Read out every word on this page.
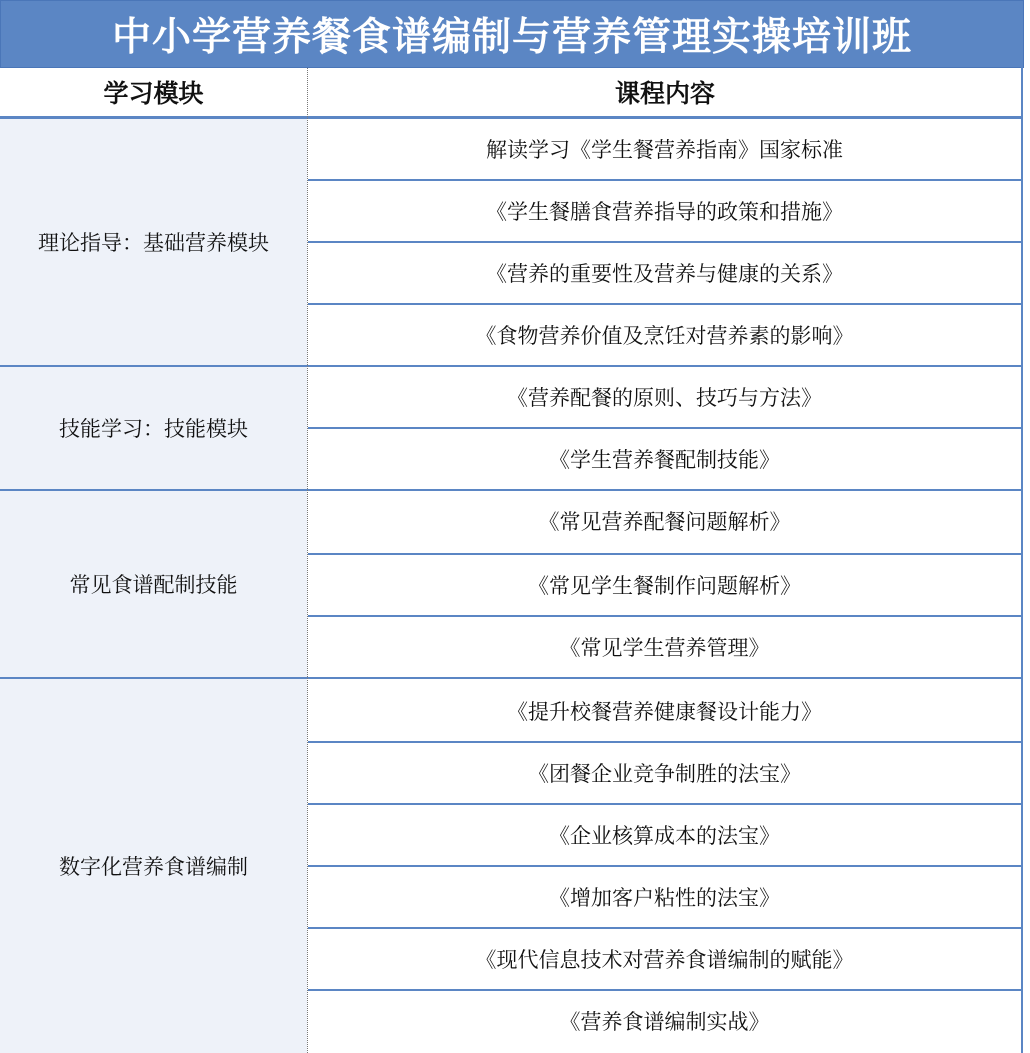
中小学营养餐食谱编制与营养管理实操培训班
学习模块	课程内容
理论指导：基础营养模块
解读学习《学生餐营养指南》国家标准
《学生餐膳食营养指导的政策和措施》
《营养的重要性及营养与健康的关系》
《食物营养价值及烹饪对营养素的影响》
技能学习：技能模块
《营养配餐的原则、技巧与方法》
《学生营养餐配制技能》
常见食谱配制技能
《常见营养配餐问题解析》
《常见学生餐制作问题解析》
《常见学生营养管理》
数字化营养食谱编制
《提升校餐营养健康餐设计能力》
《团餐企业竞争制胜的法宝》
《企业核算成本的法宝》
《增加客户粘性的法宝》
《现代信息技术对营养食谱编制的赋能》
《营养食谱编制实战》
